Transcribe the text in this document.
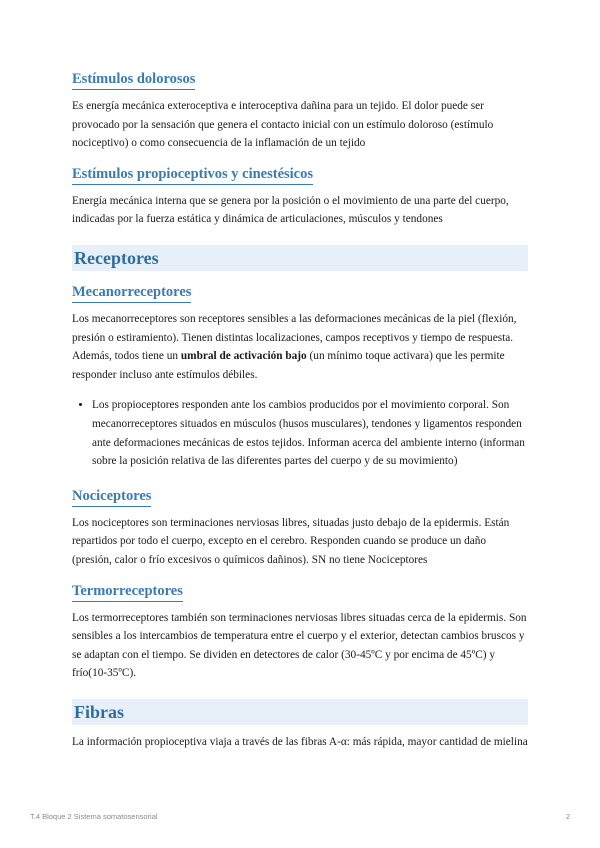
Estímulos dolorosos

Es energía mecánica exteroceptiva e interoceptiva dañina para un tejido. El dolor puede ser provocado por la sensación que genera el contacto inicial con un estímulo doloroso (estímulo nociceptivo) o como consecuencia de la inflamación de un tejido

Estímulos propioceptivos y cinestésicos

Energía mecánica interna que se genera por la posición o el movimiento de una parte del cuerpo, indicadas por la fuerza estática y dinámica de articulaciones, músculos y tendones

Receptores
Mecanorreceptores

Los mecanorreceptores son receptores sensibles a las deformaciones mecánicas de la piel (flexión, presión o estiramiento). Tienen distintas localizaciones, campos receptivos y tiempo de respuesta. Además, todos tiene un umbral de activación bajo (un mínimo toque activara) que les permite responder incluso ante estímulos débiles.

• Los propioceptores responden ante los cambios producidos por el movimiento corporal. Son mecanorreceptores situados en músculos (husos musculares), tendones y ligamentos responden ante deformaciones mecánicas de estos tejidos. Informan acerca del ambiente interno (informan sobre la posición relativa de las diferentes partes del cuerpo y de su movimiento)
Nociceptores

Los nociceptores son terminaciones nerviosas libres, situadas justo debajo de la epidermis. Están repartidos por todo el cuerpo, excepto en el cerebro. Responden cuando se produce un daño (presión, calor o frío excesivos o químicos dañinos). SN no tiene Nociceptores

Termorreceptores

Los termorreceptores también son terminaciones nerviosas libres situadas cerca de la epidermis. Son sensibles a los intercambios de temperatura entre el cuerpo y el exterior, detectan cambios bruscos y se adaptan con el tiempo. Se dividen en detectores de calor (30-45ºC y por encima de 45ºC) y frío(10-35ºC).

Fibras

La información propioceptiva viaja a través de las fibras A-α: más rápida, mayor cantidad de mielina

T.4 Bloque 2 Sistema somatosensorial	2
